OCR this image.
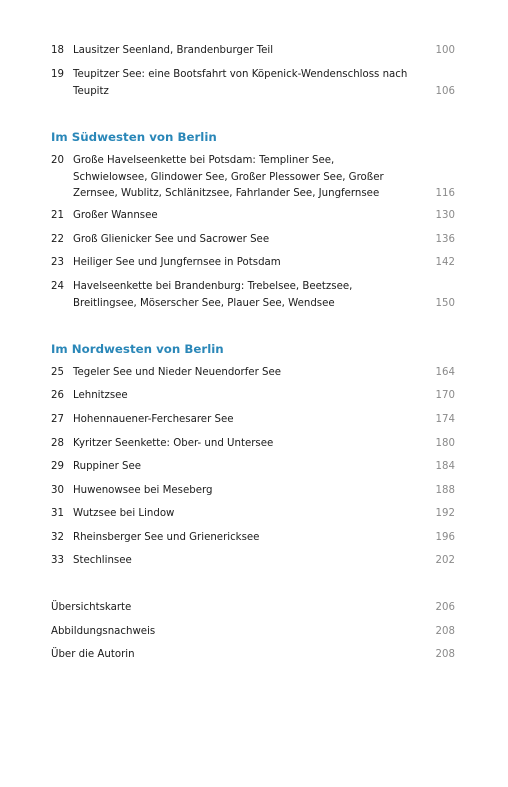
18 Lausitzer Seenland, Brandenburger Teil	100
19 Teupitzer See: eine Bootsfahrt von Köpenick-Wendenschloss nach Teupitz	106
Im Südwesten von Berlin
20 Große Havelseenkette bei Potsdam: Templiner See, Schwielowsee, Glindower See, Großer Plessower See, Großer Zernsee, Wublitz, Schlänitzsee, Fahrlander See, Jungfernsee	116
21 Großer Wannsee	130
22 Groß Glienicker See und Sacrower See	136
23 Heiliger See und Jungfernsee in Potsdam	142
24 Havelseenkette bei Brandenburg: Trebelsee, Beetzsee, Breitlingsee, Möserscher See, Plauer See, Wendsee	150
Im Nordwesten von Berlin
25 Tegeler See und Nieder Neuendorfer See	164
26 Lehnitzsee	170
27 Hohennauener-Ferchesarer See	174
28 Kyritzer Seenkette: Ober- und Untersee	180
29 Ruppiner See	184
30 Huwenowsee bei Meseberg	188
31 Wutzsee bei Lindow	192
32 Rheinsberger See und Grienericksee	196
33 Stechlinsee	202
Übersichtskarte	206
Abbildungsnachweis	208
Über die Autorin	208
